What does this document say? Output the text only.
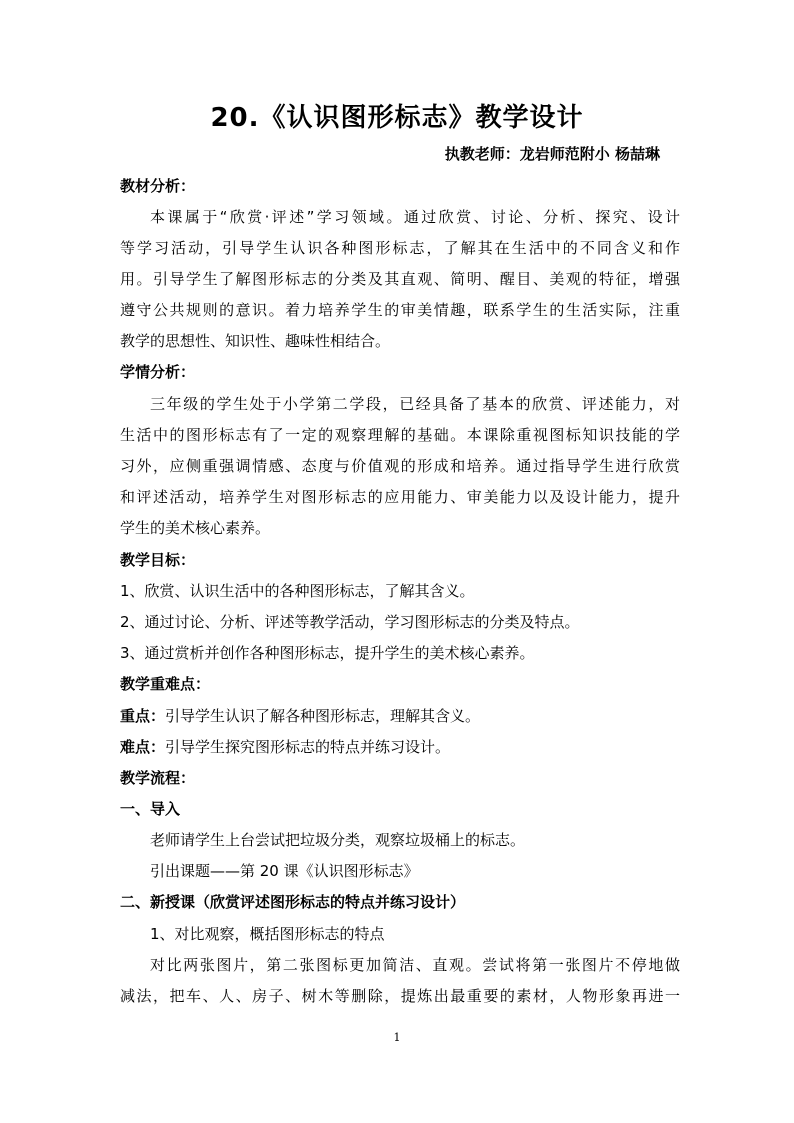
20.《认识图形标志》教学设计
执教老师：龙岩师范附小 杨喆琳
教材分析：
本课属于“欣赏·评述”学习领域。通过欣赏、讨论、分析、探究、设计
等学习活动，引导学生认识各种图形标志，了解其在生活中的不同含义和作
用。引导学生了解图形标志的分类及其直观、简明、醒目、美观的特征，增强
遵守公共规则的意识。着力培养学生的审美情趣，联系学生的生活实际，注重
教学的思想性、知识性、趣味性相结合。
学情分析：
三年级的学生处于小学第二学段，已经具备了基本的欣赏、评述能力，对
生活中的图形标志有了一定的观察理解的基础。本课除重视图标知识技能的学
习外，应侧重强调情感、态度与价值观的形成和培养。通过指导学生进行欣赏
和评述活动，培养学生对图形标志的应用能力、审美能力以及设计能力，提升
学生的美术核心素养。
教学目标：
1、欣赏、认识生活中的各种图形标志，了解其含义。
2、通过讨论、分析、评述等教学活动，学习图形标志的分类及特点。
3、通过赏析并创作各种图形标志，提升学生的美术核心素养。
教学重难点：
重点：引导学生认识了解各种图形标志，理解其含义。
难点：引导学生探究图形标志的特点并练习设计。
教学流程：
一、导入
老师请学生上台尝试把垃圾分类，观察垃圾桶上的标志。
引出课题——第 20 课《认识图形标志》
二、新授课（欣赏评述图形标志的特点并练习设计）
1、对比观察，概括图形标志的特点
对比两张图片，第二张图标更加简洁、直观。尝试将第一张图片不停地做
减法，把车、人、房子、树木等删除，提炼出最重要的素材，人物形象再进一
1
